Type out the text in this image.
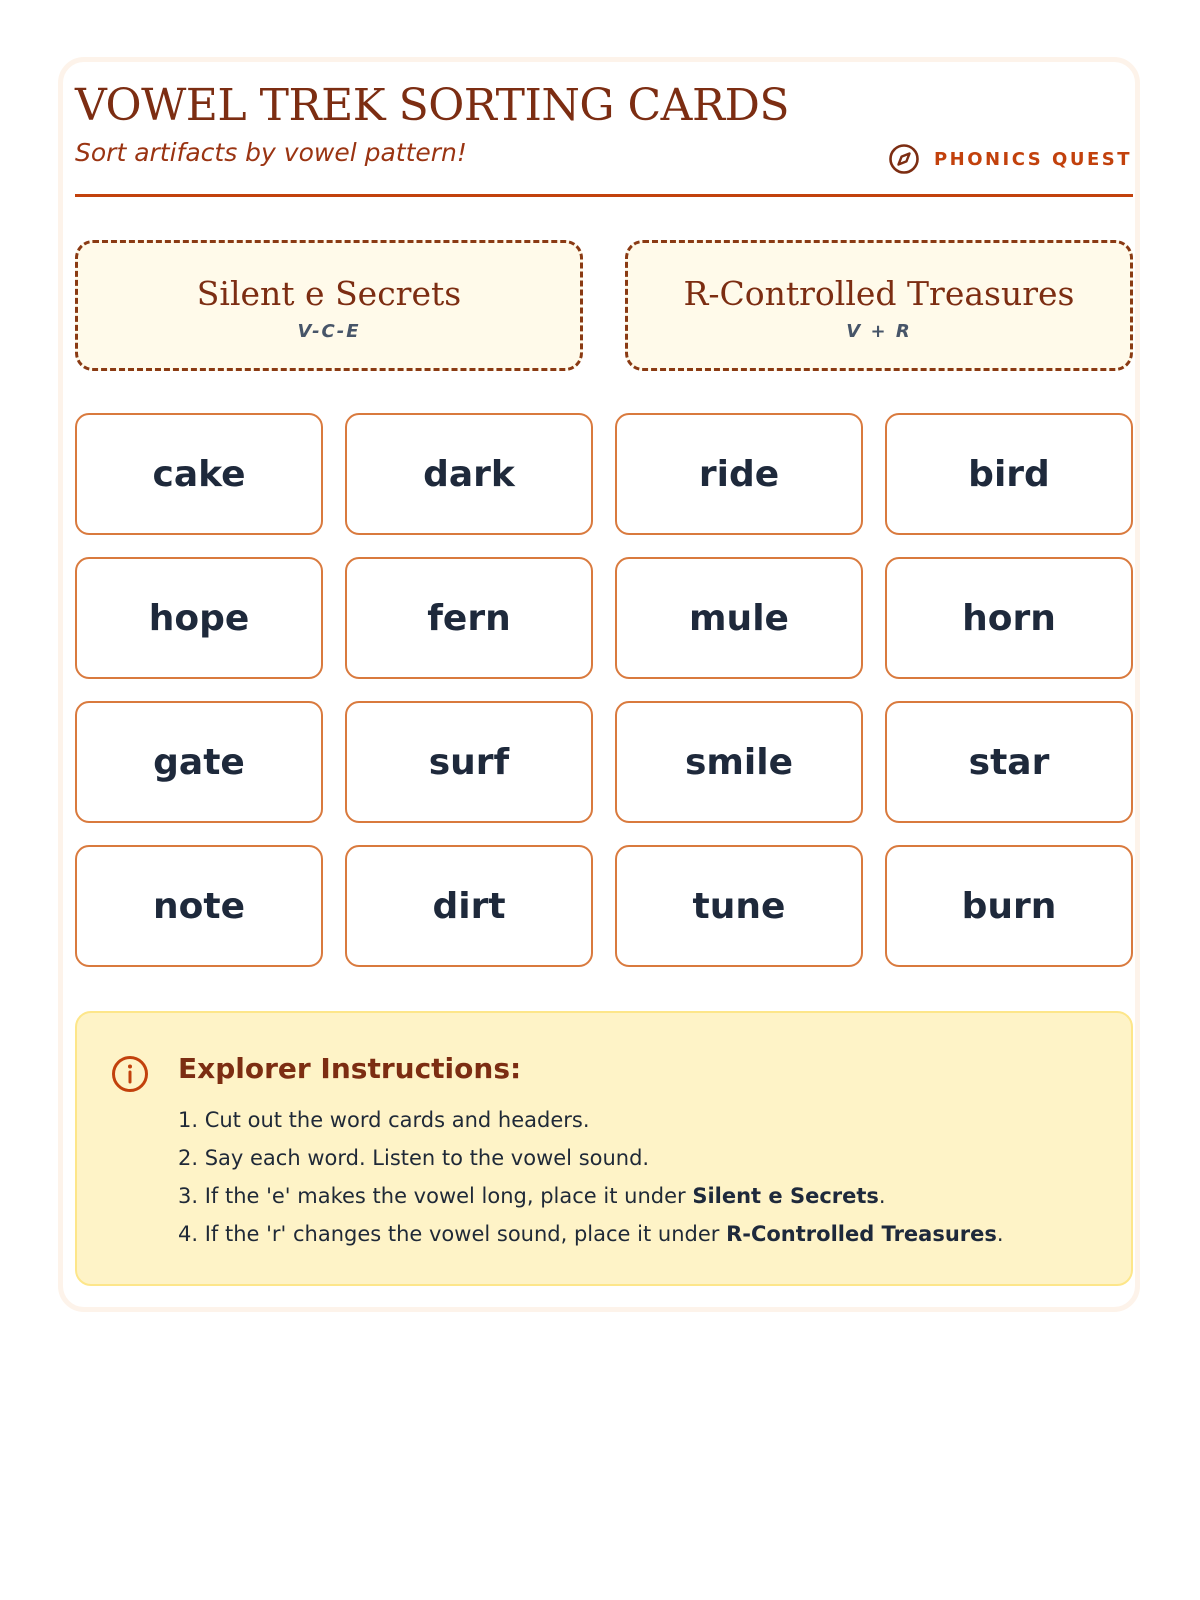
VOWEL TREK SORTING CARDS
Sort artifacts by vowel pattern!	PHONICS QUEST
Silent e Secrets
V-C-E
R-Controlled Treasures
V + R
cake	dark	ride	bird
hope	fern	mule	horn
gate	surf	smile	star
note	dirt	tune	burn
Explorer Instructions:
1. Cut out the word cards and headers.
2. Say each word. Listen to the vowel sound.
3. If the 'e' makes the vowel long, place it under Silent e Secrets.
4. If the 'r' changes the vowel sound, place it under R-Controlled Treasures.
